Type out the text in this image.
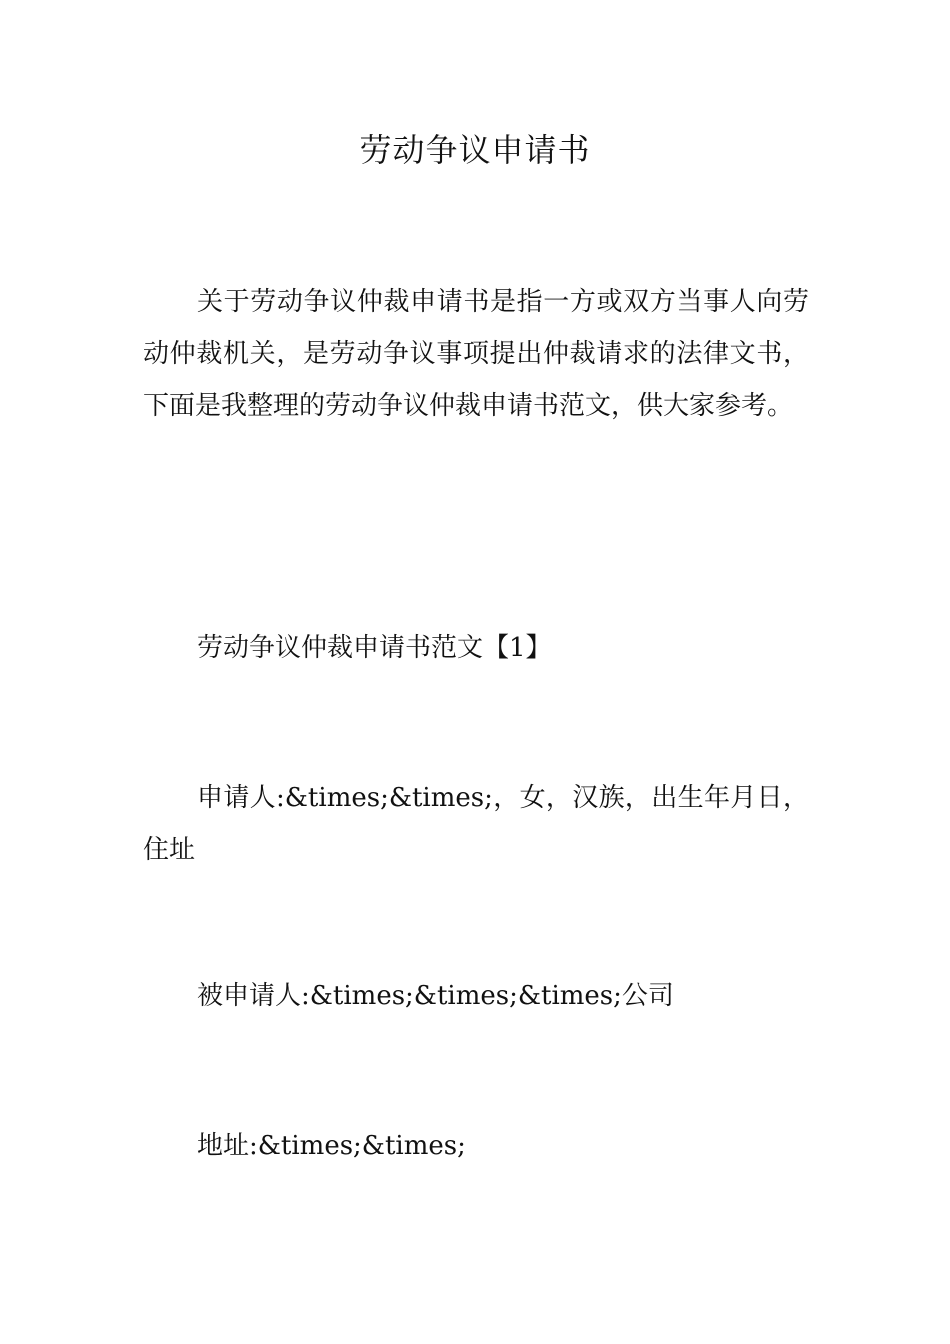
劳动争议申请书

关于劳动争议仲裁申请书是指一方或双方当事人向劳动仲裁机关，是劳动争议事项提出仲裁请求的法律文书，下面是我整理的劳动争议仲裁申请书范文，供大家参考。

劳动争议仲裁申请书范文【1】

申请人:&times;&times;，女，汉族，出生年月日，住址

被申请人:&times;&times;&times;公司

地址:&times;&times;
